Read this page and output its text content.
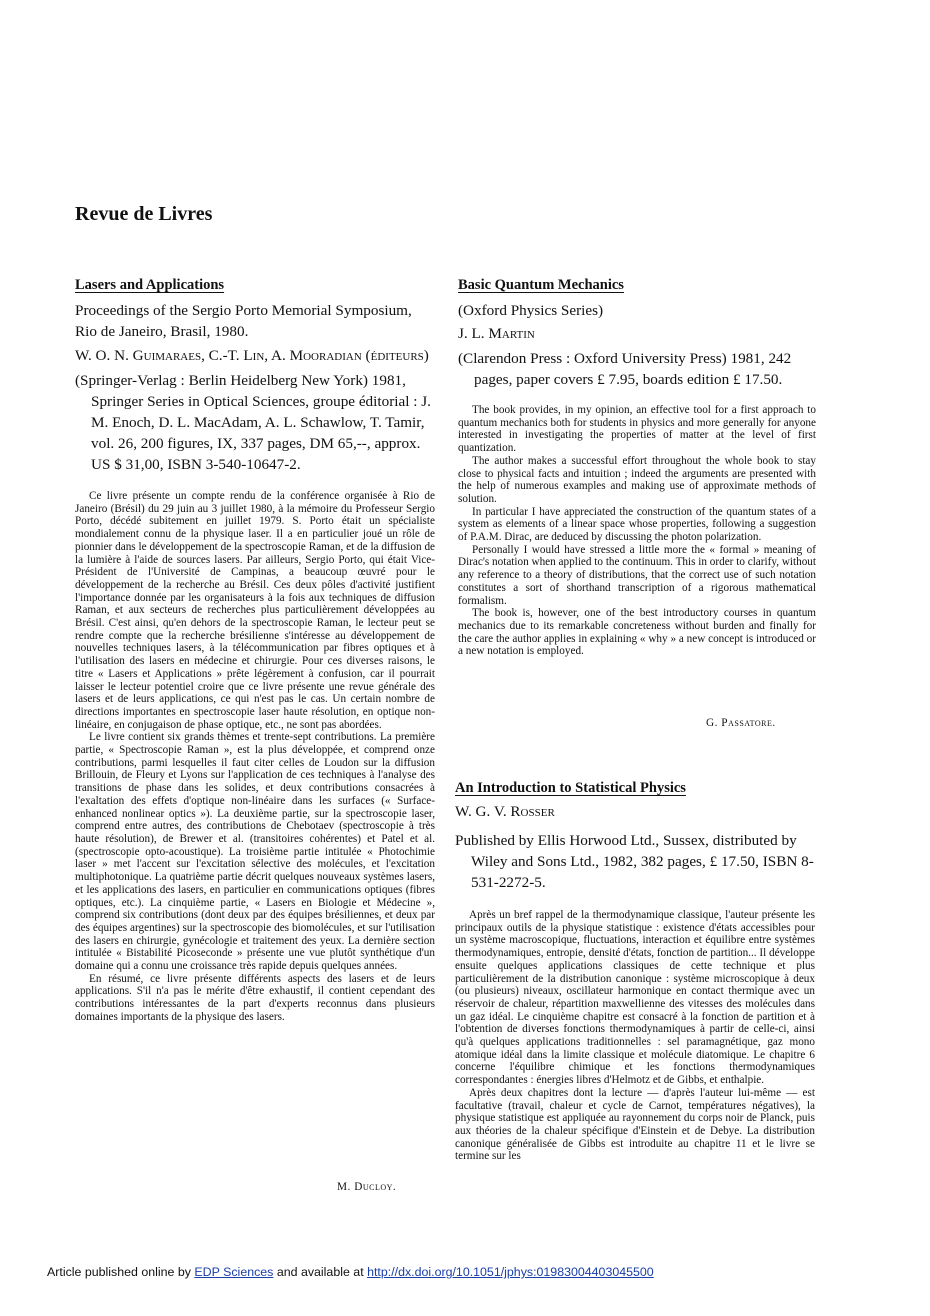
Revue de Livres
Lasers and Applications

Proceedings of the Sergio Porto Memorial Symposium, Rio de Janeiro, Brasil, 1980.

W. O. N. Guimaraes, C.-T. Lin, A. Mooradian (éditeurs)

(Springer-Verlag : Berlin Heidelberg New York) 1981, Springer Series in Optical Sciences, groupe éditorial : J. M. Enoch, D. L. MacAdam, A. L. Schawlow, T. Tamir, vol. 26, 200 figures, IX, 337 pages, DM 65,--, approx. US $ 31,00, ISBN 3-540-10647-2.

Ce livre présente un compte rendu de la conférence organisée à Rio de Janeiro (Brésil) du 29 juin au 3 juillet 1980, à la mémoire du Professeur Sergio Porto, décédé subitement en juillet 1979. S. Porto était un spécialiste mondialement connu de la physique laser. Il a en particulier joué un rôle de pionnier dans le développement de la spectroscopie Raman, et de la diffusion de la lumière à l'aide de sources lasers. Par ailleurs, Sergio Porto, qui était Vice-Président de l'Université de Campinas, a beaucoup œuvré pour le développement de la recherche au Brésil. Ces deux pôles d'activité justifient l'importance donnée par les organisateurs à la fois aux techniques de diffusion Raman, et aux secteurs de recherches plus particulièrement développées au Brésil. C'est ainsi, qu'en dehors de la spectroscopie Raman, le lecteur peut se rendre compte que la recherche brésilienne s'intéresse au développement de nouvelles techniques lasers, à la télécommunication par fibres optiques et à l'utilisation des lasers en médecine et chirurgie. Pour ces diverses raisons, le titre « Lasers et Applications » prête légèrement à confusion, car il pourrait laisser le lecteur potentiel croire que ce livre présente une revue générale des lasers et de leurs applications, ce qui n'est pas le cas. Un certain nombre de directions importantes en spectroscopie laser haute résolution, en optique non-linéaire, en conjugaison de phase optique, etc., ne sont pas abordées.

Le livre contient six grands thèmes et trente-sept contributions. La première partie, « Spectroscopie Raman », est la plus développée, et comprend onze contributions, parmi lesquelles il faut citer celles de Loudon sur la diffusion Brillouin, de Fleury et Lyons sur l'application de ces techniques à l'analyse des transitions de phase dans les solides, et deux contributions consacrées à l'exaltation des effets d'optique non-linéaire dans les surfaces (« Surface-enhanced nonlinear optics »). La deuxième partie, sur la spectroscopie laser, comprend entre autres, des contributions de Chebotaev (spectroscopie à très haute résolution), de Brewer et al. (transitoires cohérentes) et Patel et al. (spectroscopie opto-acoustique). La troisième partie intitulée « Photochimie laser » met l'accent sur l'excitation sélective des molécules, et l'excitation multiphotonique. La quatrième partie décrit quelques nouveaux systèmes lasers, et les applications des lasers, en particulier en communications optiques (fibres optiques, etc.). La cinquième partie, « Lasers en Biologie et Médecine », comprend six contributions (dont deux par des équipes brésiliennes, et deux par des équipes argentines) sur la spectroscopie des biomolécules, et sur l'utilisation des lasers en chirurgie, gynécologie et traitement des yeux. La dernière section intitulée « Bistabilité Picoseconde » présente une vue plutôt synthétique d'un domaine qui a connu une croissance très rapide depuis quelques années.

En résumé, ce livre présente différents aspects des lasers et de leurs applications. S'il n'a pas le mérite d'être exhaustif, il contient cependant des contributions intéressantes de la part d'experts reconnus dans plusieurs domaines importants de la physique des lasers.

M. Ducloy.
Basic Quantum Mechanics

(Oxford Physics Series)

J. L. Martin

(Clarendon Press : Oxford University Press) 1981, 242 pages, paper covers £ 7.95, boards edition £ 17.50.

The book provides, in my opinion, an effective tool for a first approach to quantum mechanics both for students in physics and more generally for anyone interested in investigating the properties of matter at the level of first quantization.

The author makes a successful effort throughout the whole book to stay close to physical facts and intuition ; indeed the arguments are presented with the help of numerous examples and making use of approximate methods of solution.

In particular I have appreciated the construction of the quantum states of a system as elements of a linear space whose properties, following a suggestion of P.A.M. Dirac, are deduced by discussing the photon polarization.

Personally I would have stressed a little more the « formal » meaning of Dirac's notation when applied to the continuum. This in order to clarify, without any reference to a theory of distributions, that the correct use of such notation constitutes a sort of shorthand transcription of a rigorous mathematical formalism.

The book is, however, one of the best introductory courses in quantum mechanics due to its remarkable concreteness without burden and finally for the care the author applies in explaining « why » a new concept is introduced or a new notation is employed.

G. Passatore.
An Introduction to Statistical Physics

W. G. V. Rosser

Published by Ellis Horwood Ltd., Sussex, distributed by Wiley and Sons Ltd., 1982, 382 pages, £ 17.50, ISBN 8-531-2272-5.

Après un bref rappel de la thermodynamique classique, l'auteur présente les principaux outils de la physique statistique : existence d'états accessibles pour un système macroscopique, fluctuations, interaction et équilibre entre systèmes thermodynamiques, entropie, densité d'états, fonction de partition... Il développe ensuite quelques applications classiques de cette technique et plus particulièrement de la distribution canonique : système microscopique à deux (ou plusieurs) niveaux, oscillateur harmonique en contact thermique avec un réservoir de chaleur, répartition maxwellienne des vitesses des molécules dans un gaz idéal. Le cinquième chapitre est consacré à la fonction de partition et à l'obtention de diverses fonctions thermodynamiques à partir de celle-ci, ainsi qu'à quelques applications traditionnelles : sel paramagnétique, gaz mono atomique idéal dans la limite classique et molécule diatomique. Le chapitre 6 concerne l'équilibre chimique et les fonctions thermodynamiques correspondantes : énergies libres d'Helmotz et de Gibbs, et enthalpie.

Après deux chapitres dont la lecture — d'après l'auteur lui-même — est facultative (travail, chaleur et cycle de Carnot, températures négatives), la physique statistique est appliquée au rayonnement du corps noir de Planck, puis aux théories de la chaleur spécifique d'Einstein et de Debye. La distribution canonique généralisée de Gibbs est introduite au chapitre 11 et le livre se termine sur les

Article published online by EDP Sciences and available at http://dx.doi.org/10.1051/jphys:01983004403045500
